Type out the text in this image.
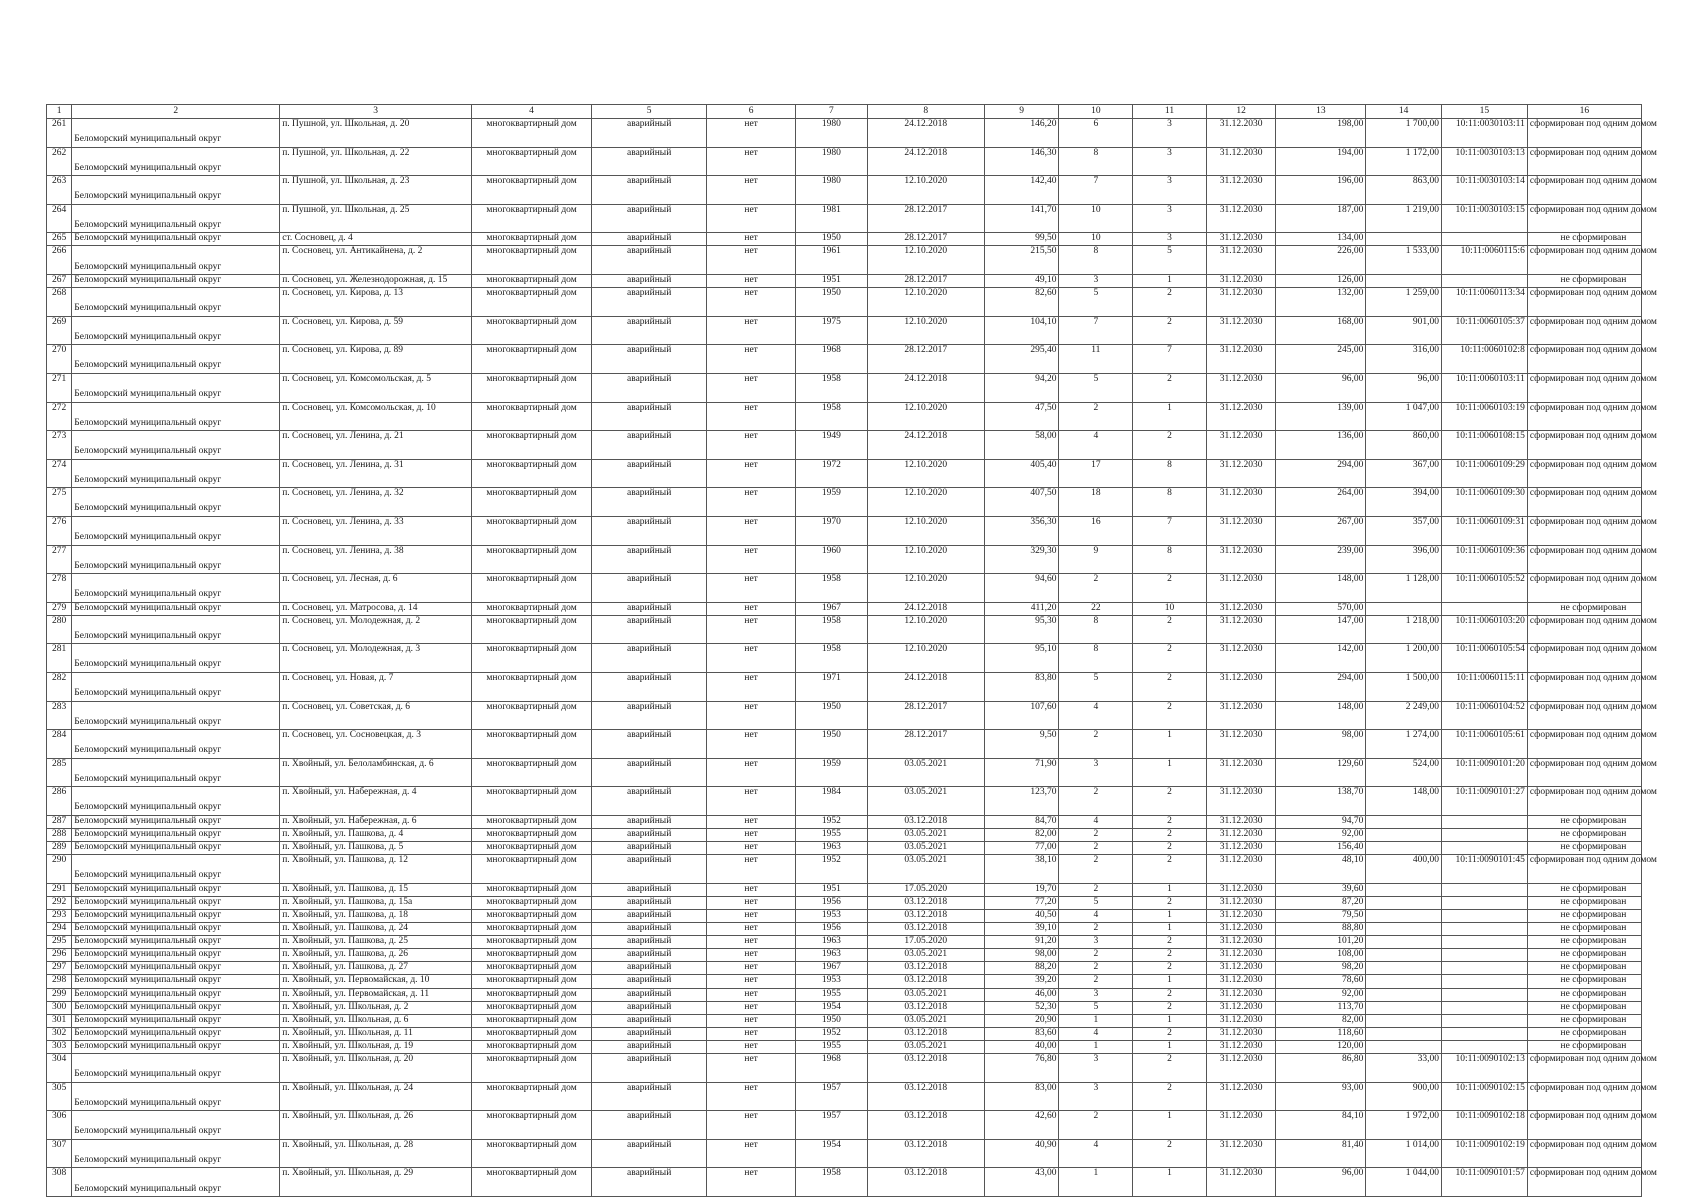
1	2	3	4	5	6	7	8	9	10	11	12	13	14	15	16
261	Беломорский муниципальный округ	п. Пушной, ул. Школьная, д. 20	многоквартирный дом	аварийный	нет	1980	24.12.2018	146,20	6	3	31.12.2030	198,00	1 700,00	10:11:0030103:11	сформирован под одним домом
262	Беломорский муниципальный округ	п. Пушной, ул. Школьная, д. 22	многоквартирный дом	аварийный	нет	1980	24.12.2018	146,30	8	3	31.12.2030	194,00	1 172,00	10:11:0030103:13	сформирован под одним домом
263	Беломорский муниципальный округ	п. Пушной, ул. Школьная, д. 23	многоквартирный дом	аварийный	нет	1980	12.10.2020	142,40	7	3	31.12.2030	196,00	863,00	10:11:0030103:14	сформирован под одним домом
264	Беломорский муниципальный округ	п. Пушной, ул. Школьная, д. 25	многоквартирный дом	аварийный	нет	1981	28.12.2017	141,70	10	3	31.12.2030	187,00	1 219,00	10:11:0030103:15	сформирован под одним домом
265	Беломорский муниципальный округ	ст. Сосновец, д. 4	многоквартирный дом	аварийный	нет	1950	28.12.2017	99,50	10	3	31.12.2030	134,00			не сформирован
266	Беломорский муниципальный округ	п. Сосновец, ул. Антикайнена, д. 2	многоквартирный дом	аварийный	нет	1961	12.10.2020	215,50	8	5	31.12.2030	226,00	1 533,00	10:11:0060115:6	сформирован под одним домом
267	Беломорский муниципальный округ	п. Сосновец, ул. Железнодорожная, д. 15	многоквартирный дом	аварийный	нет	1951	28.12.2017	49,10	3	1	31.12.2030	126,00			не сформирован
268	Беломорский муниципальный округ	п. Сосновец, ул. Кирова, д. 13	многоквартирный дом	аварийный	нет	1950	12.10.2020	82,60	5	2	31.12.2030	132,00	1 259,00	10:11:0060113:34	сформирован под одним домом
269	Беломорский муниципальный округ	п. Сосновец, ул. Кирова, д. 59	многоквартирный дом	аварийный	нет	1975	12.10.2020	104,10	7	2	31.12.2030	168,00	901,00	10:11:0060105:37	сформирован под одним домом
270	Беломорский муниципальный округ	п. Сосновец, ул. Кирова, д. 89	многоквартирный дом	аварийный	нет	1968	28.12.2017	295,40	11	7	31.12.2030	245,00	316,00	10:11:0060102:8	сформирован под одним домом
271	Беломорский муниципальный округ	п. Сосновец, ул. Комсомольская, д. 5	многоквартирный дом	аварийный	нет	1958	24.12.2018	94,20	5	2	31.12.2030	96,00	96,00	10:11:0060103:11	сформирован под одним домом
272	Беломорский муниципальный округ	п. Сосновец, ул. Комсомольская, д. 10	многоквартирный дом	аварийный	нет	1958	12.10.2020	47,50	2	1	31.12.2030	139,00	1 047,00	10:11:0060103:19	сформирован под одним домом
273	Беломорский муниципальный округ	п. Сосновец, ул. Ленина, д. 21	многоквартирный дом	аварийный	нет	1949	24.12.2018	58,00	4	2	31.12.2030	136,00	860,00	10:11:0060108:15	сформирован под одним домом
274	Беломорский муниципальный округ	п. Сосновец, ул. Ленина, д. 31	многоквартирный дом	аварийный	нет	1972	12.10.2020	405,40	17	8	31.12.2030	294,00	367,00	10:11:0060109:29	сформирован под одним домом
275	Беломорский муниципальный округ	п. Сосновец, ул. Ленина, д. 32	многоквартирный дом	аварийный	нет	1959	12.10.2020	407,50	18	8	31.12.2030	264,00	394,00	10:11:0060109:30	сформирован под одним домом
276	Беломорский муниципальный округ	п. Сосновец, ул. Ленина, д. 33	многоквартирный дом	аварийный	нет	1970	12.10.2020	356,30	16	7	31.12.2030	267,00	357,00	10:11:0060109:31	сформирован под одним домом
277	Беломорский муниципальный округ	п. Сосновец, ул. Ленина, д. 38	многоквартирный дом	аварийный	нет	1960	12.10.2020	329,30	9	8	31.12.2030	239,00	396,00	10:11:0060109:36	сформирован под одним домом
278	Беломорский муниципальный округ	п. Сосновец, ул. Лесная, д. 6	многоквартирный дом	аварийный	нет	1958	12.10.2020	94,60	2	2	31.12.2030	148,00	1 128,00	10:11:0060105:52	сформирован под одним домом
279	Беломорский муниципальный округ	п. Сосновец, ул. Матросова, д. 14	многоквартирный дом	аварийный	нет	1967	24.12.2018	411,20	22	10	31.12.2030	570,00			не сформирован
280	Беломорский муниципальный округ	п. Сосновец, ул. Молодежная, д. 2	многоквартирный дом	аварийный	нет	1958	12.10.2020	95,30	8	2	31.12.2030	147,00	1 218,00	10:11:0060103:20	сформирован под одним домом
281	Беломорский муниципальный округ	п. Сосновец, ул. Молодежная, д. 3	многоквартирный дом	аварийный	нет	1958	12.10.2020	95,10	8	2	31.12.2030	142,00	1 200,00	10:11:0060105:54	сформирован под одним домом
282	Беломорский муниципальный округ	п. Сосновец, ул. Новая, д. 7	многоквартирный дом	аварийный	нет	1971	24.12.2018	83,80	5	2	31.12.2030	294,00	1 500,00	10:11:0060115:11	сформирован под одним домом
283	Беломорский муниципальный округ	п. Сосновец, ул. Советская, д. 6	многоквартирный дом	аварийный	нет	1950	28.12.2017	107,60	4	2	31.12.2030	148,00	2 249,00	10:11:0060104:52	сформирован под одним домом
284	Беломорский муниципальный округ	п. Сосновец, ул. Сосновецкая, д. 3	многоквартирный дом	аварийный	нет	1950	28.12.2017	9,50	2	1	31.12.2030	98,00	1 274,00	10:11:0060105:61	сформирован под одним домом
285	Беломорский муниципальный округ	п. Хвойный, ул. Белоламбинская, д. 6	многоквартирный дом	аварийный	нет	1959	03.05.2021	71,90	3	1	31.12.2030	129,60	524,00	10:11:0090101:20	сформирован под одним домом
286	Беломорский муниципальный округ	п. Хвойный, ул. Набережная, д. 4	многоквартирный дом	аварийный	нет	1984	03.05.2021	123,70	2	2	31.12.2030	138,70	148,00	10:11:0090101:27	сформирован под одним домом
287	Беломорский муниципальный округ	п. Хвойный, ул. Набережная, д. 6	многоквартирный дом	аварийный	нет	1952	03.12.2018	84,70	4	2	31.12.2030	94,70			не сформирован
288	Беломорский муниципальный округ	п. Хвойный, ул. Пашкова, д. 4	многоквартирный дом	аварийный	нет	1955	03.05.2021	82,00	2	2	31.12.2030	92,00			не сформирован
289	Беломорский муниципальный округ	п. Хвойный, ул. Пашкова, д. 5	многоквартирный дом	аварийный	нет	1963	03.05.2021	77,00	2	2	31.12.2030	156,40			не сформирован
290	Беломорский муниципальный округ	п. Хвойный, ул. Пашкова, д. 12	многоквартирный дом	аварийный	нет	1952	03.05.2021	38,10	2	2	31.12.2030	48,10	400,00	10:11:0090101:45	сформирован под одним домом
291	Беломорский муниципальный округ	п. Хвойный, ул. Пашкова, д. 15	многоквартирный дом	аварийный	нет	1951	17.05.2020	19,70	2	1	31.12.2030	39,60			не сформирован
292	Беломорский муниципальный округ	п. Хвойный, ул. Пашкова, д. 15а	многоквартирный дом	аварийный	нет	1956	03.12.2018	77,20	5	2	31.12.2030	87,20			не сформирован
293	Беломорский муниципальный округ	п. Хвойный, ул. Пашкова, д. 18	многоквартирный дом	аварийный	нет	1953	03.12.2018	40,50	4	1	31.12.2030	79,50			не сформирован
294	Беломорский муниципальный округ	п. Хвойный, ул. Пашкова, д. 24	многоквартирный дом	аварийный	нет	1956	03.12.2018	39,10	2	1	31.12.2030	88,80			не сформирован
295	Беломорский муниципальный округ	п. Хвойный, ул. Пашкова, д. 25	многоквартирный дом	аварийный	нет	1963	17.05.2020	91,20	3	2	31.12.2030	101,20			не сформирован
296	Беломорский муниципальный округ	п. Хвойный, ул. Пашкова, д. 26	многоквартирный дом	аварийный	нет	1963	03.05.2021	98,00	2	2	31.12.2030	108,00			не сформирован
297	Беломорский муниципальный округ	п. Хвойный, ул. Пашкова, д. 27	многоквартирный дом	аварийный	нет	1967	03.12.2018	88,20	2	2	31.12.2030	98,20			не сформирован
298	Беломорский муниципальный округ	п. Хвойный, ул. Первомайская, д. 10	многоквартирный дом	аварийный	нет	1953	03.12.2018	39,20	2	1	31.12.2030	78,60			не сформирован
299	Беломорский муниципальный округ	п. Хвойный, ул. Первомайская, д. 11	многоквартирный дом	аварийный	нет	1955	03.05.2021	46,00	3	2	31.12.2030	92,00			не сформирован
300	Беломорский муниципальный округ	п. Хвойный, ул. Школьная, д. 2	многоквартирный дом	аварийный	нет	1954	03.12.2018	52,30	5	2	31.12.2030	113,70			не сформирован
301	Беломорский муниципальный округ	п. Хвойный, ул. Школьная, д. 6	многоквартирный дом	аварийный	нет	1950	03.05.2021	20,90	1	1	31.12.2030	82,00			не сформирован
302	Беломорский муниципальный округ	п. Хвойный, ул. Школьная, д. 11	многоквартирный дом	аварийный	нет	1952	03.12.2018	83,60	4	2	31.12.2030	118,60			не сформирован
303	Беломорский муниципальный округ	п. Хвойный, ул. Школьная, д. 19	многоквартирный дом	аварийный	нет	1955	03.05.2021	40,00	1	1	31.12.2030	120,00			не сформирован
304	Беломорский муниципальный округ	п. Хвойный, ул. Школьная, д. 20	многоквартирный дом	аварийный	нет	1968	03.12.2018	76,80	3	2	31.12.2030	86,80	33,00	10:11:0090102:13	сформирован под одним домом
305	Беломорский муниципальный округ	п. Хвойный, ул. Школьная, д. 24	многоквартирный дом	аварийный	нет	1957	03.12.2018	83,00	3	2	31.12.2030	93,00	900,00	10:11:0090102:15	сформирован под одним домом
306	Беломорский муниципальный округ	п. Хвойный, ул. Школьная, д. 26	многоквартирный дом	аварийный	нет	1957	03.12.2018	42,60	2	1	31.12.2030	84,10	1 972,00	10:11:0090102:18	сформирован под одним домом
307	Беломорский муниципальный округ	п. Хвойный, ул. Школьная, д. 28	многоквартирный дом	аварийный	нет	1954	03.12.2018	40,90	4	2	31.12.2030	81,40	1 014,00	10:11:0090102:19	сформирован под одним домом
308	Беломорский муниципальный округ	п. Хвойный, ул. Школьная, д. 29	многоквартирный дом	аварийный	нет	1958	03.12.2018	43,00	1	1	31.12.2030	96,00	1 044,00	10:11:0090101:57	сформирован под одним домом
